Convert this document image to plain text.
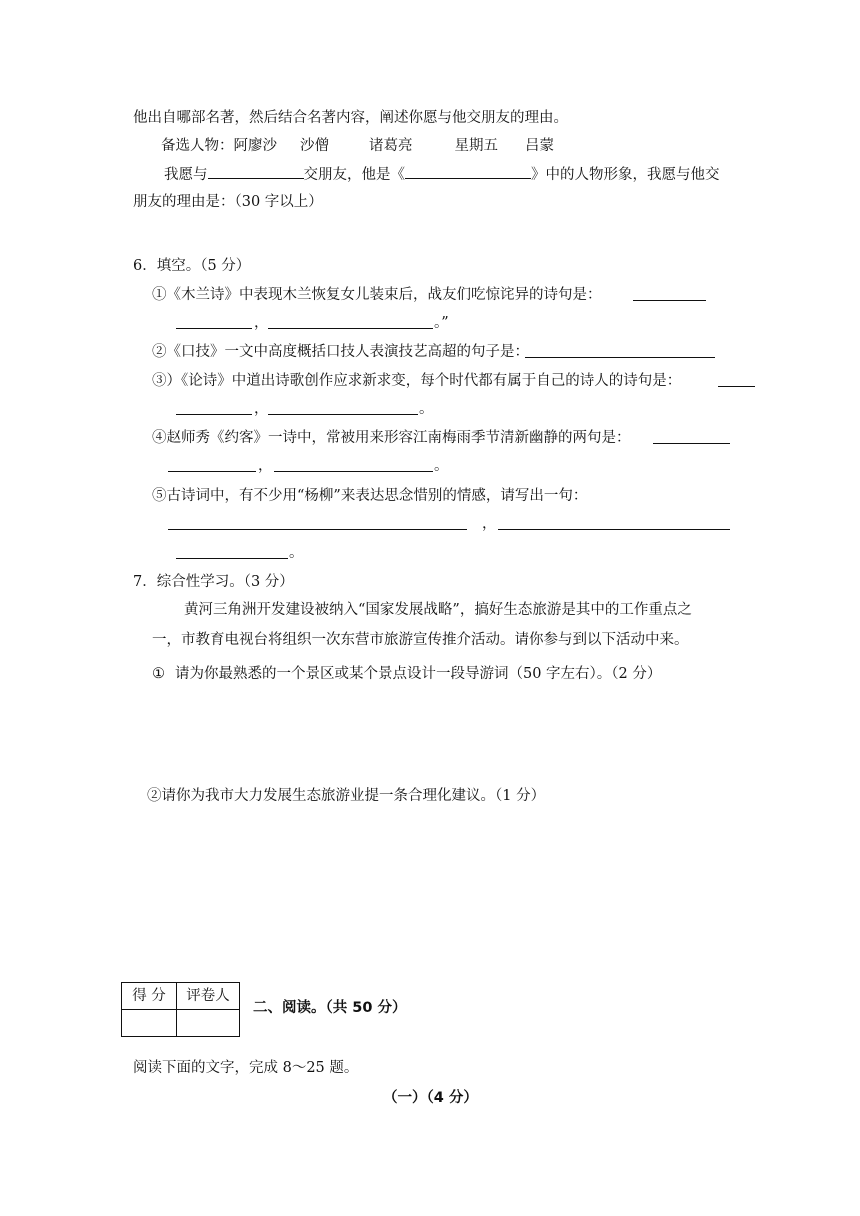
他出自哪部名著，然后结合名著内容，阐述你愿与他交朋友的理由。
备选人物：阿廖沙 沙僧	诸葛亮	星期五 吕蒙
我愿与	交朋友，他是《	》中的人物形象，我愿与他交
朋友的理由是：（30 字以上）
6．填空。（5 分）
①《木兰诗》中表现木兰恢复女儿装束后，战友们吃惊诧异的诗句是：
，	。”
②《口技》一文中高度概括口技人表演技艺高超的句子是：
③）《论诗》中道出诗歌创作应求新求变，每个时代都有属于自己的诗人的诗句是：
，	。
④赵师秀《约客》一诗中，常被用来形容江南梅雨季节清新幽静的两句是：
，	。
⑤古诗词中，有不少用“杨柳”来表达思念惜别的情感，请写出一句：
，
。
7．综合性学习。（3 分）
黄河三角洲开发建设被纳入“国家发展战略”，搞好生态旅游是其中的工作重点之
一，市教育电视台将组织一次东营市旅游宣传推介活动。请你参与到以下活动中来。
① 请为你最熟悉的一个景区或某个景点设计一段导游词（50 字左右）。（2 分）
②请你为我市大力发展生态旅游业提一条合理化建议。（1 分）
得 分	评卷人

二、阅读。（共 50 分）
阅读下面的文字，完成 8～25 题。
（一）（4 分）
